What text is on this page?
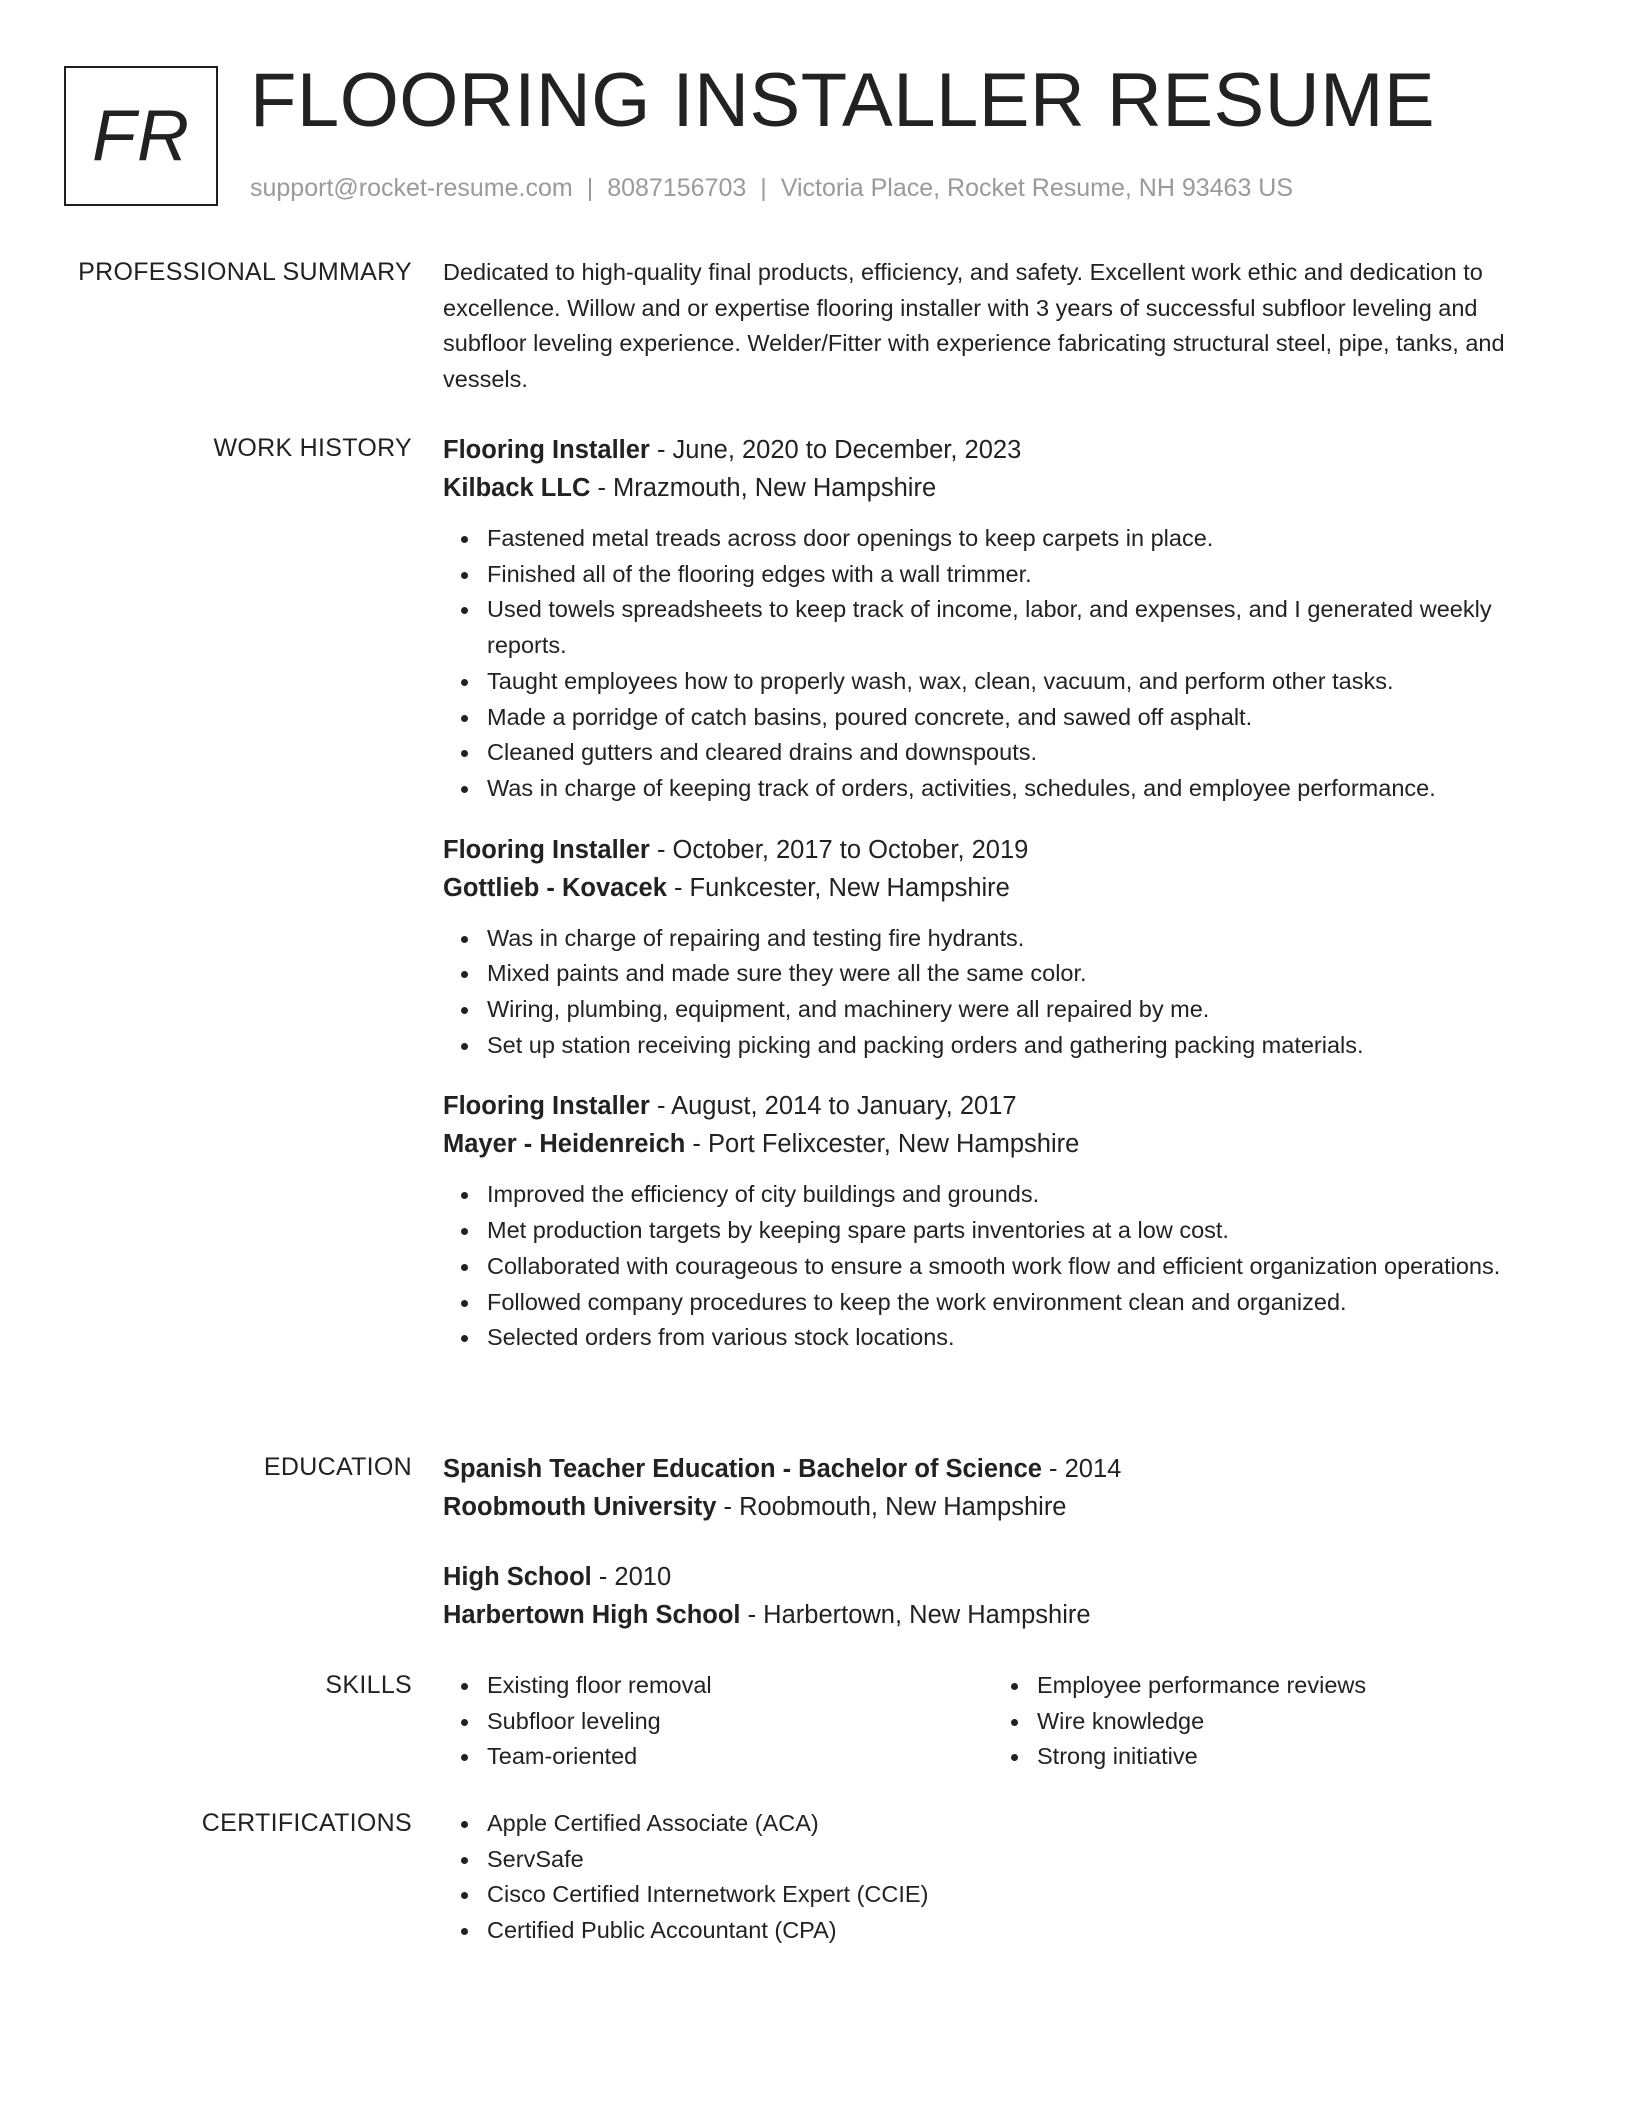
FR FLOORING INSTALLER RESUME
support@rocket-resume.com | 8087156703 | Victoria Place, Rocket Resume, NH 93463 US
PROFESSIONAL SUMMARY Dedicated to high-quality final products, efficiency, and safety. Excellent work ethic and dedication to excellence. Willow and or expertise flooring installer with 3 years of successful subfloor leveling and subfloor leveling experience. Welder/Fitter with experience fabricating structural steel, pipe, tanks, and vessels.

WORK HISTORY Flooring Installer - June, 2020 to December, 2023
Kilback LLC - Mrazmouth, New Hampshire
Fastened metal treads across door openings to keep carpets in place.
Finished all of the flooring edges with a wall trimmer.
Used towels spreadsheets to keep track of income, labor, and expenses, and I generated weekly reports.
Taught employees how to properly wash, wax, clean, vacuum, and perform other tasks.
Made a porridge of catch basins, poured concrete, and sawed off asphalt.
Cleaned gutters and cleared drains and downspouts.
Was in charge of keeping track of orders, activities, schedules, and employee performance.
Flooring Installer - October, 2017 to October, 2019
Gottlieb - Kovacek - Funkcester, New Hampshire
Was in charge of repairing and testing fire hydrants.
Mixed paints and made sure they were all the same color.
Wiring, plumbing, equipment, and machinery were all repaired by me.
Set up station receiving picking and packing orders and gathering packing materials.
Flooring Installer - August, 2014 to January, 2017
Mayer - Heidenreich - Port Felixcester, New Hampshire
Improved the efficiency of city buildings and grounds.
Met production targets by keeping spare parts inventories at a low cost.
Collaborated with courageous to ensure a smooth work flow and efficient organization operations.
Followed company procedures to keep the work environment clean and organized.
Selected orders from various stock locations.
EDUCATION Spanish Teacher Education - Bachelor of Science - 2014
Roobmouth University - Roobmouth, New Hampshire
High School - 2010
Harbertown High School - Harbertown, New Hampshire
SKILLS	Existing floor removal
Subfloor leveling
Team-oriented
Employee performance reviews
Wire knowledge
Strong initiative
CERTIFICATIONS	Apple Certified Associate (ACA)
ServSafe
Cisco Certified Internetwork Expert (CCIE)
Certified Public Accountant (CPA)
